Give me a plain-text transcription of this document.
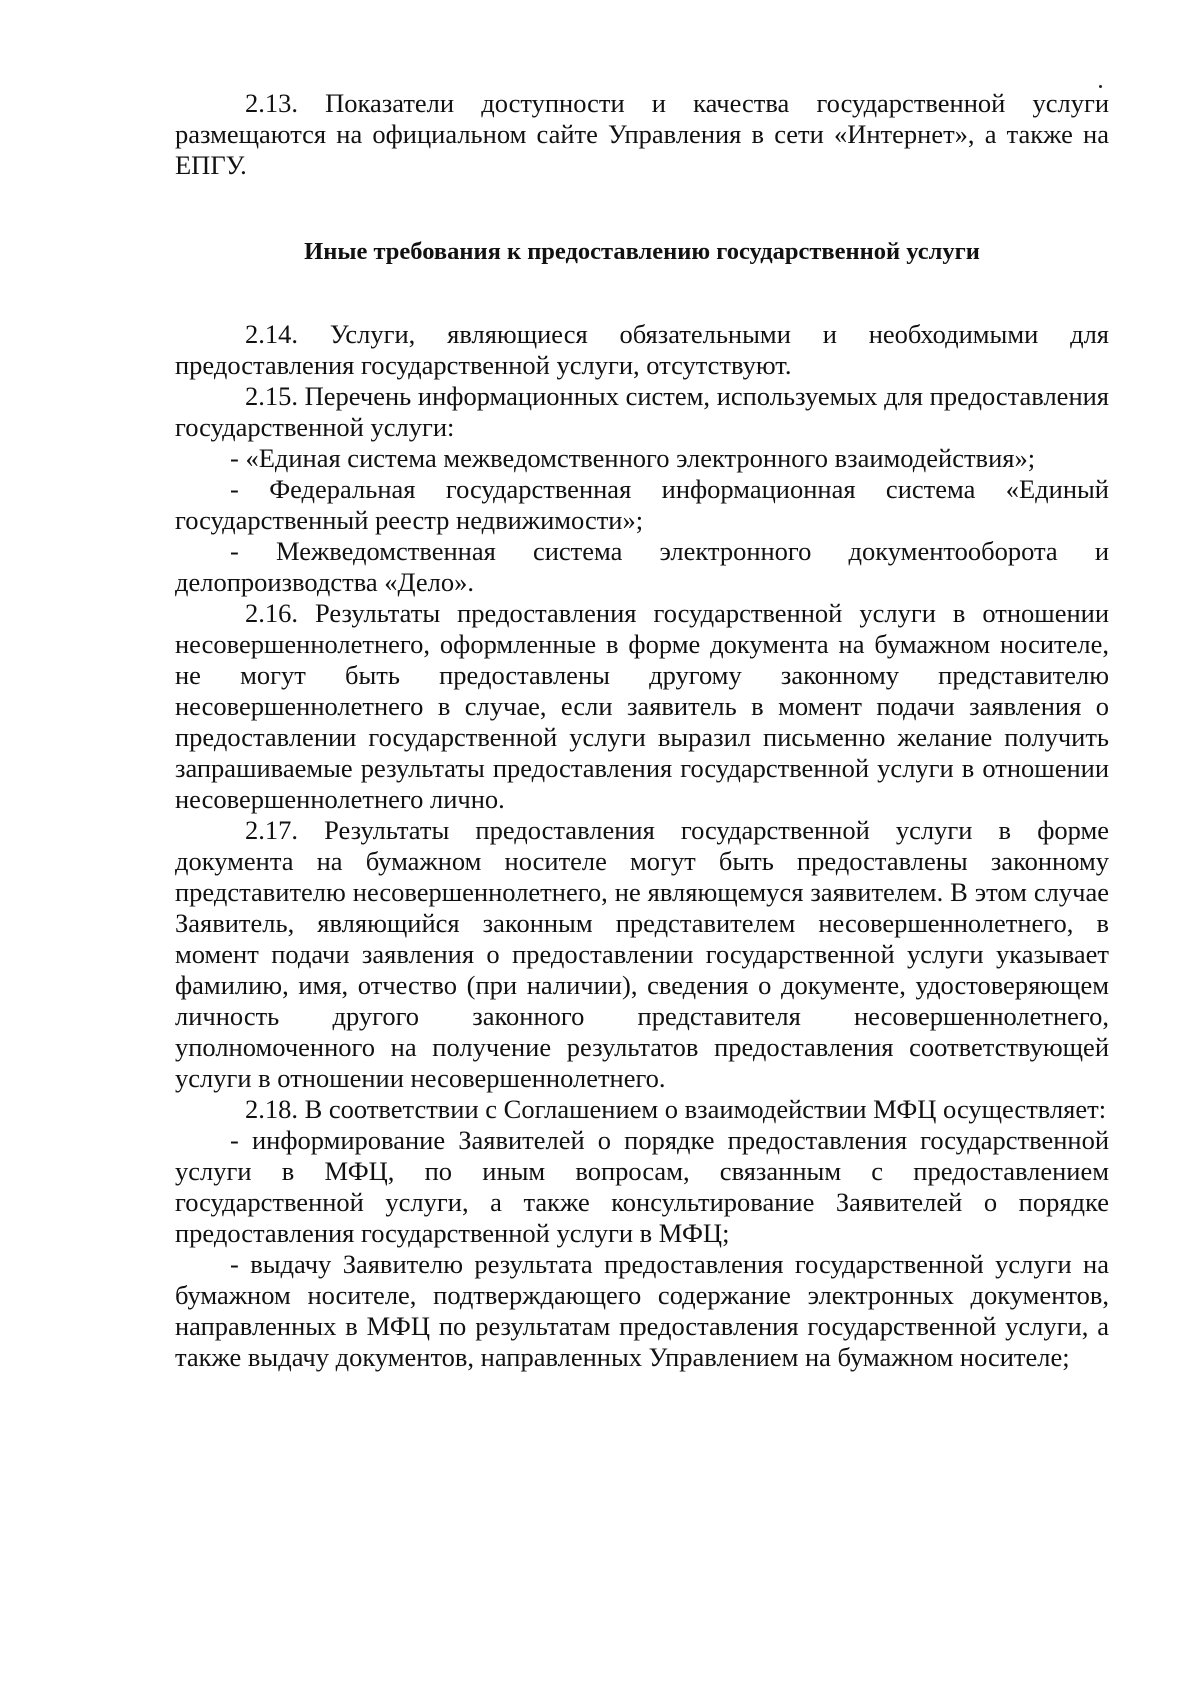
2.13. Показатели доступности и качества государственной услуги размещаются на официальном сайте Управления в сети «Интернет», а также на ЕПГУ.

Иные требования к предоставлению государственной услуги

2.14. Услуги, являющиеся обязательными и необходимыми для предоставления государственной услуги, отсутствуют.

2.15. Перечень информационных систем, используемых для предоставления государственной услуги:

- «Единая система межведомственного электронного взаимодействия»;

- Федеральная государственная информационная система «Единый государственный реестр недвижимости»;

- Межведомственная система электронного документооборота и делопроизводства «Дело».

2.16. Результаты предоставления государственной услуги в отношении несовершеннолетнего, оформленные в форме документа на бумажном носителе, не могут быть предоставлены другому законному представителю несовершеннолетнего в случае, если заявитель в момент подачи заявления о предоставлении государственной услуги выразил письменно желание получить запрашиваемые результаты предоставления государственной услуги в отношении несовершеннолетнего лично.

2.17. Результаты предоставления государственной услуги в форме документа на бумажном носителе могут быть предоставлены законному представителю несовершеннолетнего, не являющемуся заявителем. В этом случае Заявитель, являющийся законным представителем несовершеннолетнего, в момент подачи заявления о предоставлении государственной услуги указывает фамилию, имя, отчество (при наличии), сведения о документе, удостоверяющем личность другого законного представителя несовершеннолетнего, уполномоченного на получение результатов предоставления соответствующей услуги в отношении несовершеннолетнего.

2.18. В соответствии с Соглашением о взаимодействии МФЦ осуществляет:

- информирование Заявителей о порядке предоставления государственной услуги в МФЦ, по иным вопросам, связанным с предоставлением государственной услуги, а также консультирование Заявителей о порядке предоставления государственной услуги в МФЦ;

- выдачу Заявителю результата предоставления государственной услуги на бумажном носителе, подтверждающего содержание электронных документов, направленных в МФЦ по результатам предоставления государственной услуги, а также выдачу документов, направленных Управлением на бумажном носителе;
